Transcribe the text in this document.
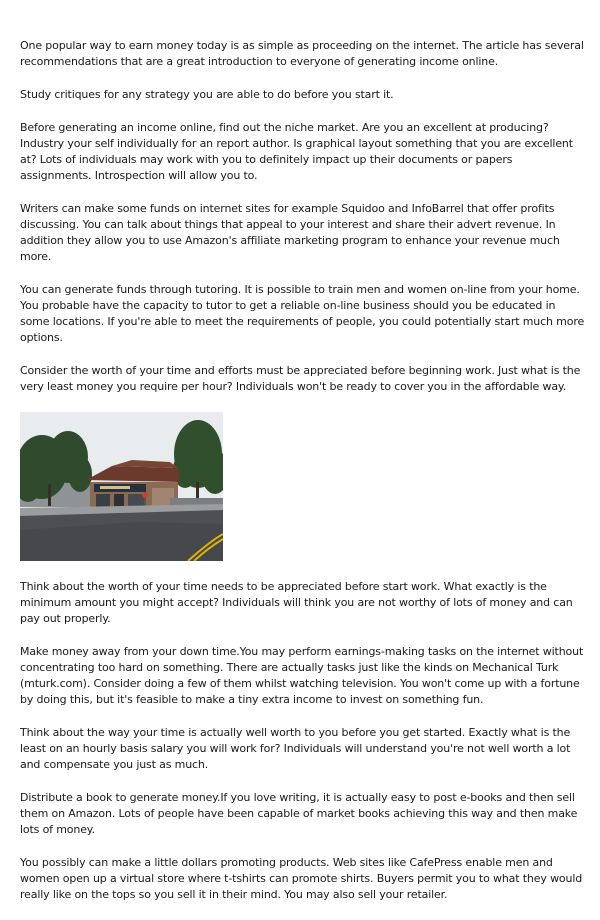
One popular way to earn money today is as simple as proceeding on the internet. The article has several recommendations that are a great introduction to everyone of generating income online.

Study critiques for any strategy you are able to do before you start it.

Before generating an income online, find out the niche market. Are you an excellent at producing? Industry your self individually for an report author. Is graphical layout something that you are excellent at? Lots of individuals may work with you to definitely impact up their documents or papers assignments. Introspection will allow you to.

Writers can make some funds on internet sites for example Squidoo and InfoBarrel that offer profits discussing. You can talk about things that appeal to your interest and share their advert revenue. In addition they allow you to use Amazon's affiliate marketing program to enhance your revenue much more.

You can generate funds through tutoring. It is possible to train men and women on-line from your home. You probable have the capacity to tutor to get a reliable on-line business should you be educated in some locations. If you're able to meet the requirements of people, you could potentially start much more options.

Consider the worth of your time and efforts must be appreciated before beginning work. Just what is the very least money you require per hour? Individuals won't be ready to cover you in the affordable way.

Think about the worth of your time needs to be appreciated before start work. What exactly is the minimum amount you might accept? Individuals will think you are not worthy of lots of money and can pay out properly.

Make money away from your down time.You may perform earnings-making tasks on the internet without concentrating too hard on something. There are actually tasks just like the kinds on Mechanical Turk (mturk.com). Consider doing a few of them whilst watching television. You won't come up with a fortune by doing this, but it's feasible to make a tiny extra income to invest on something fun.

Think about the way your time is actually well worth to you before you get started. Exactly what is the least on an hourly basis salary you will work for? Individuals will understand you're not well worth a lot and compensate you just as much.

Distribute a book to generate money.If you love writing, it is actually easy to post e-books and then sell them on Amazon. Lots of people have been capable of market books achieving this way and then make lots of money.

You possibly can make a little dollars promoting products. Web sites like CafePress enable men and women open up a virtual store where t-tshirts can promote shirts. Buyers permit you to what they would really like on the tops so you sell it in their mind. You may also sell your retailer.
